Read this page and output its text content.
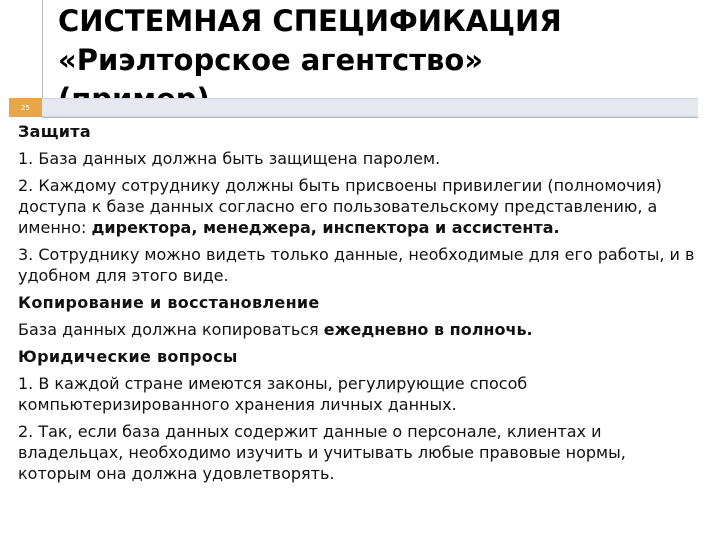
СИСТЕМНАЯ СПЕЦИФИКАЦИЯ
«Риэлторское агентство»
25

Защита

1. База данных должна быть защищена паролем.

2. Каждому сотруднику должны быть присвоены привилегии (полномочия) доступа к базе данных согласно его пользовательскому представлению, а именно: директора, менеджера, инспектора и ассистента.

3. Сотруднику можно видеть только данные, необходимые для его работы, и в удобном для этого виде.

Копирование и восстановление

База данных должна копироваться ежедневно в полночь.

Юридические вопросы

1. В каждой стране имеются законы, регулирующие способ компьютеризированного хранения личных данных.

2. Так, если база данных содержит данные о персонале, клиентах и владельцах, необходимо изучить и учитывать любые правовые нормы, которым она должна удовлетворять.
